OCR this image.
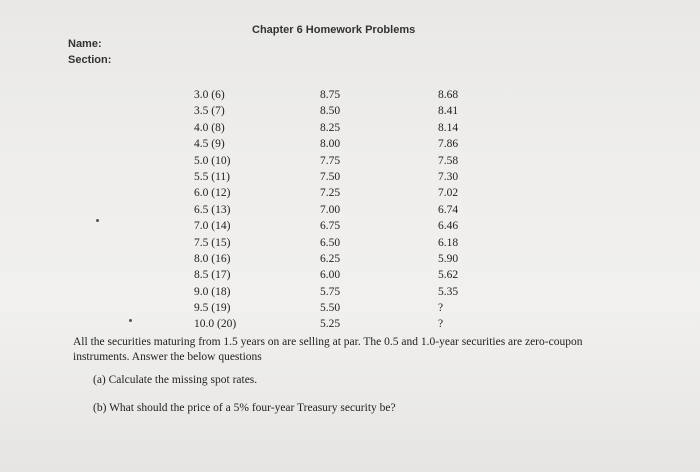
Chapter 6 Homework Problems
Name:
Section:
3.0 (6)	8.75	8.68
3.5 (7)	8.50	8.41
4.0 (8)	8.25	8.14
4.5 (9)	8.00	7.86
5.0 (10)	7.75	7.58
5.5 (11)	7.50	7.30
6.0 (12)	7.25	7.02
6.5 (13)	7.00	6.74
7.0 (14)	6.75	6.46
7.5 (15)	6.50	6.18
8.0 (16)	6.25	5.90
8.5 (17)	6.00	5.62
9.0 (18)	5.75	5.35
9.5 (19)	5.50	?
10.0 (20)	5.25	?
All the securities maturing from 1.5 years on are selling at par. The 0.5 and 1.0-year securities are zero-coupon instruments. Answer the below questions
(a) Calculate the missing spot rates.
(b) What should the price of a 5% four-year Treasury security be?
